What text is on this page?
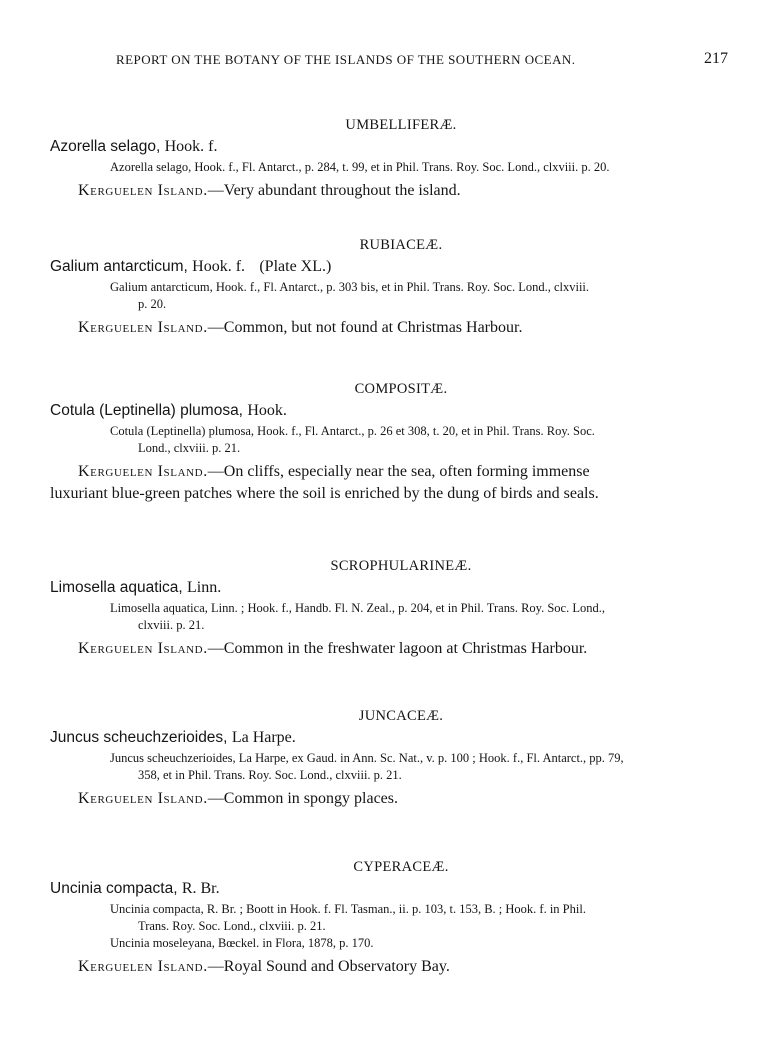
REPORT ON THE BOTANY OF THE ISLANDS OF THE SOUTHERN OCEAN.	217
UMBELLIFERÆ.
Azorella selago, Hook. f.
Azorella selago, Hook. f., Fl. Antarct., p. 284, t. 99, et in Phil. Trans. Roy. Soc. Lond., clxviii. p. 20.
Kerguelen Island.—Very abundant throughout the island.
RUBIACEÆ.
Galium antarcticum, Hook. f. (Plate XL.)
Galium antarcticum, Hook. f., Fl. Antarct., p. 303 bis, et in Phil. Trans. Roy. Soc. Lond., clxviii.
p. 20.
Kerguelen Island.—Common, but not found at Christmas Harbour.
COMPOSITÆ.
Cotula (Leptinella) plumosa, Hook.
Cotula (Leptinella) plumosa, Hook. f., Fl. Antarct., p. 26 et 308, t. 20, et in Phil. Trans. Roy. Soc.
Lond., clxviii. p. 21.
Kerguelen Island.—On cliffs, especially near the sea, often forming immense
luxuriant blue-green patches where the soil is enriched by the dung of birds and seals.
SCROPHULARINEÆ.
Limosella aquatica, Linn.
Limosella aquatica, Linn. ; Hook. f., Handb. Fl. N. Zeal., p. 204, et in Phil. Trans. Roy. Soc. Lond.,
clxviii. p. 21.
Kerguelen Island.—Common in the freshwater lagoon at Christmas Harbour.
JUNCACEÆ.
Juncus scheuchzerioides, La Harpe.
Juncus scheuchzerioides, La Harpe, ex Gaud. in Ann. Sc. Nat., v. p. 100 ; Hook. f., Fl. Antarct., pp. 79,
358, et in Phil. Trans. Roy. Soc. Lond., clxviii. p. 21.
Kerguelen Island.—Common in spongy places.
CYPERACEÆ.
Uncinia compacta, R. Br.
Uncinia compacta, R. Br. ; Boott in Hook. f. Fl. Tasman., ii. p. 103, t. 153, B. ; Hook. f. in Phil.
Trans. Roy. Soc. Lond., clxviii. p. 21.
Uncinia moseleyana, Bœckel. in Flora, 1878, p. 170.
Kerguelen Island.—Royal Sound and Observatory Bay.
